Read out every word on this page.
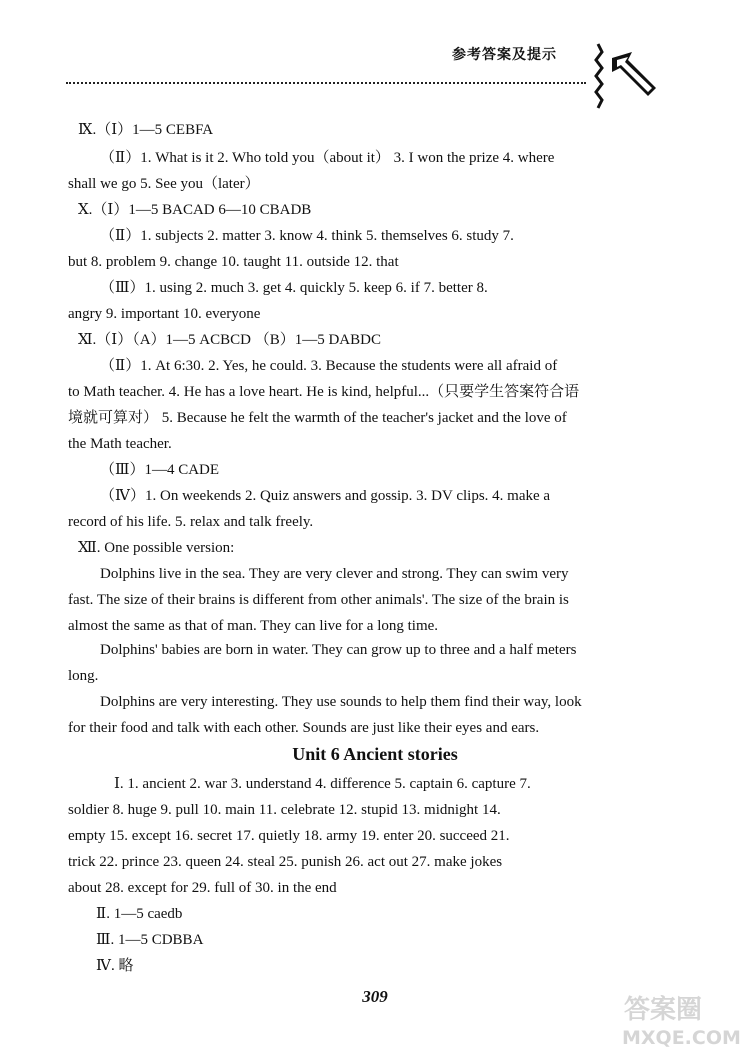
参考答案及提示
Ⅸ.（Ⅰ）1—5 CEBFA
（Ⅱ）1. What is it 2. Who told you（about it） 3. I won the prize 4. where
shall we go 5. See you（later）
Ⅹ.（Ⅰ）1—5 BACAD 6—10 CBADB
（Ⅱ）1. subjects 2. matter 3. know 4. think 5. themselves 6. study 7.
but 8. problem 9. change 10. taught 11. outside 12. that
（Ⅲ）1. using 2. much 3. get 4. quickly 5. keep 6. if 7. better 8.
angry 9. important 10. everyone
Ⅺ.（Ⅰ）（A）1—5 ACBCD （B）1—5 DABDC
（Ⅱ）1. At 6:30. 2. Yes, he could. 3. Because the students were all afraid of
to Math teacher. 4. He has a love heart. He is kind, helpful...（只要学生答案符合语
境就可算对） 5. Because he felt the warmth of the teacher's jacket and the love of
the Math teacher.
（Ⅲ）1—4 CADE
（Ⅳ）1. On weekends 2. Quiz answers and gossip. 3. DV clips. 4. make a
record of his life. 5. relax and talk freely.
Ⅻ. One possible version:
Dolphins live in the sea. They are very clever and strong. They can swim very
fast. The size of their brains is different from other animals'. The size of the brain is
almost the same as that of man. They can live for a long time.
Dolphins' babies are born in water. They can grow up to three and a half meters
long.
Dolphins are very interesting. They use sounds to help them find their way, look
for their food and talk with each other. Sounds are just like their eyes and ears.
Unit 6 Ancient stories
Ⅰ. 1. ancient 2. war 3. understand 4. difference 5. captain 6. capture 7.
soldier 8. huge 9. pull 10. main 11. celebrate 12. stupid 13. midnight 14.
empty 15. except 16. secret 17. quietly 18. army 19. enter 20. succeed 21.
trick 22. prince 23. queen 24. steal 25. punish 26. act out 27. make jokes
about 28. except for 29. full of 30. in the end
Ⅱ. 1—5 caedb
Ⅲ. 1—5 CDBBA
Ⅳ. 略
309	答案圈
MXQE.COM
